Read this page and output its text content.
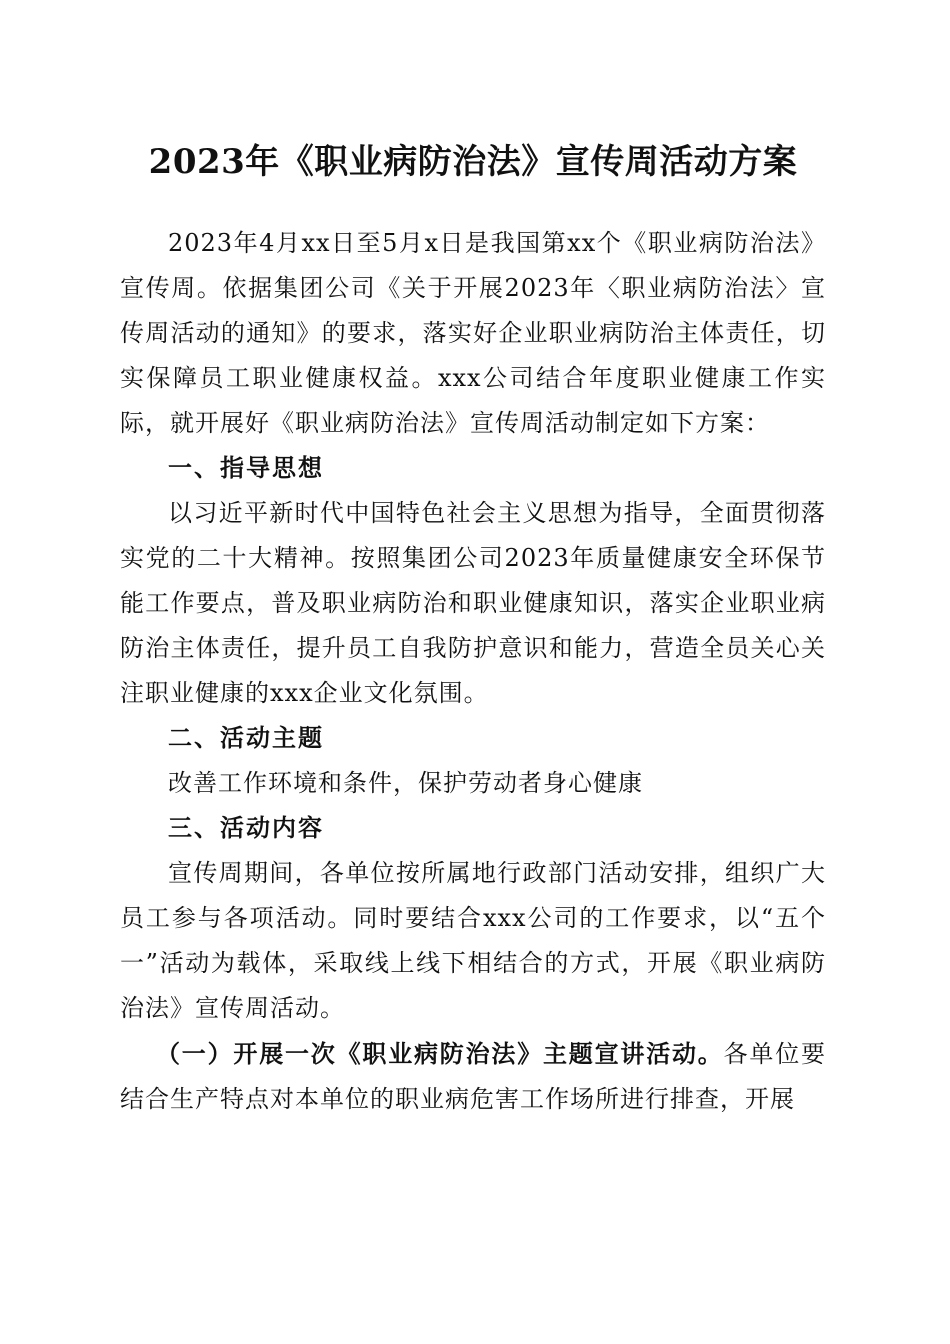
2023年《职业病防治法》宣传周活动方案

2023年4月xx日至5月x日是我国第xx个《职业病防治法》宣传周。依据集团公司《关于开展2023年〈职业病防治法〉宣传周活动的通知》的要求，落实好企业职业病防治主体责任，切实保障员工职业健康权益。xxx公司结合年度职业健康工作实际，就开展好《职业病防治法》宣传周活动制定如下方案：

一、指导思想

以习近平新时代中国特色社会主义思想为指导，全面贯彻落实党的二十大精神。按照集团公司2023年质量健康安全环保节能工作要点，普及职业病防治和职业健康知识，落实企业职业病防治主体责任，提升员工自我防护意识和能力，营造全员关心关注职业健康的xxx企业文化氛围。

二、活动主题

改善工作环境和条件，保护劳动者身心健康

三、活动内容

宣传周期间，各单位按所属地行政部门活动安排，组织广大员工参与各项活动。同时要结合xxx公司的工作要求，以“五个一”活动为载体，采取线上线下相结合的方式，开展《职业病防治法》宣传周活动。

（一）开展一次《职业病防治法》主题宣讲活动。各单位要结合生产特点对本单位的职业病危害工作场所进行排查，开展
